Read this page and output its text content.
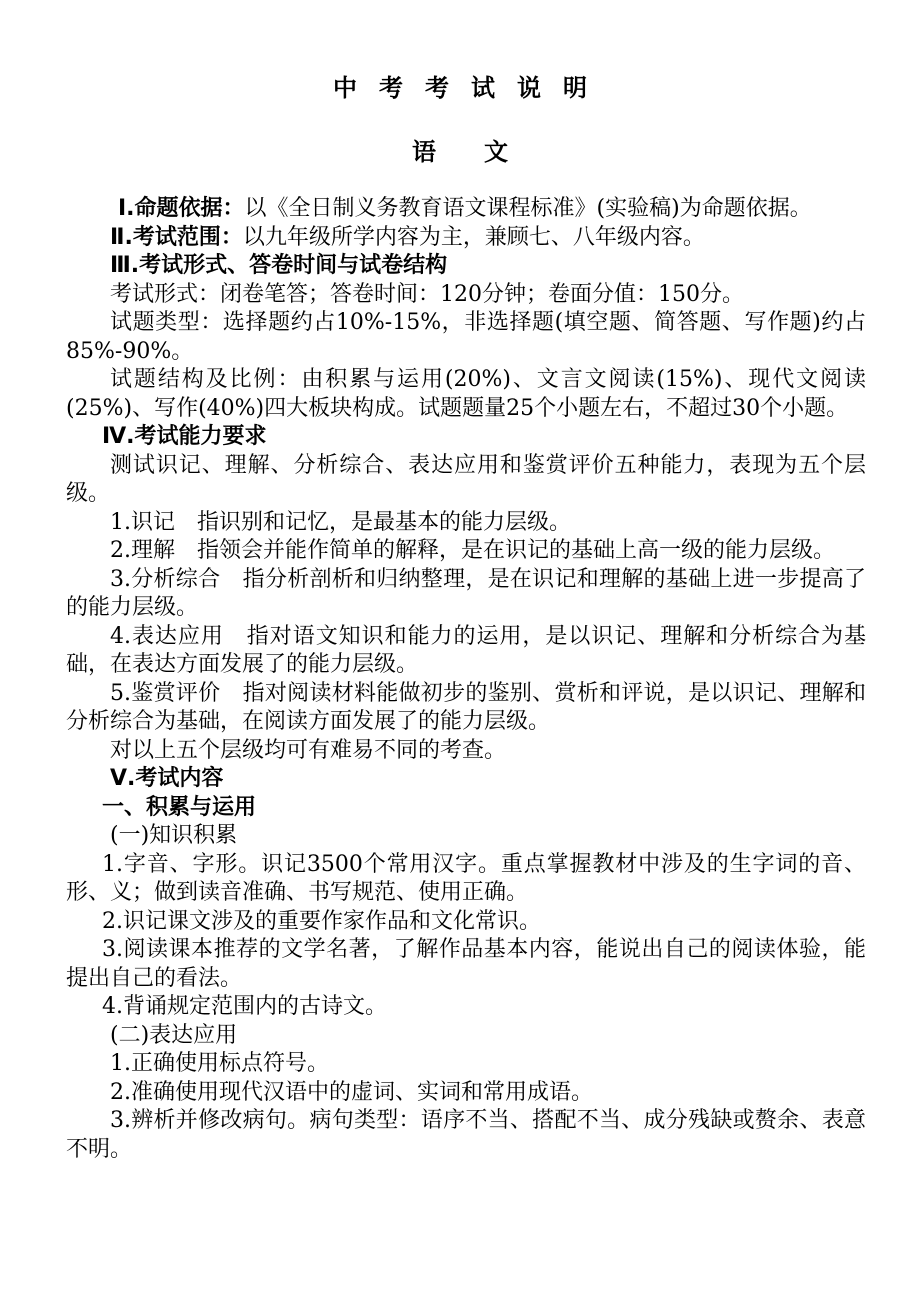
中考考试说明
语文

Ⅰ.命题依据：以《全日制义务教育语文课程标准》(实验稿)为命题依据。

Ⅱ.考试范围：以九年级所学内容为主，兼顾七、八年级内容。

Ⅲ.考试形式、答卷时间与试卷结构

考试形式：闭卷笔答；答卷时间：120分钟；卷面分值：150分。

试题类型：选择题约占10%-15%，非选择题(填空题、简答题、写作题)约占85%-90%。

试题结构及比例：由积累与运用(20%)、文言文阅读(15%)、现代文阅读(25%)、写作(40%)四大板块构成。试题题量25个小题左右，不超过30个小题。

Ⅳ.考试能力要求

测试识记、理解、分析综合、表达应用和鉴赏评价五种能力，表现为五个层级。

1.识记　指识别和记忆，是最基本的能力层级。

2.理解　指领会并能作简单的解释，是在识记的基础上高一级的能力层级。

3.分析综合　指分析剖析和归纳整理，是在识记和理解的基础上进一步提高了的能力层级。

4.表达应用　指对语文知识和能力的运用，是以识记、理解和分析综合为基础，在表达方面发展了的能力层级。

5.鉴赏评价　指对阅读材料能做初步的鉴别、赏析和评说，是以识记、理解和分析综合为基础，在阅读方面发展了的能力层级。

对以上五个层级均可有难易不同的考查。

Ⅴ.考试内容

一、积累与运用

(一)知识积累

1.字音、字形。识记3500个常用汉字。重点掌握教材中涉及的生字词的音、形、义；做到读音准确、书写规范、使用正确。

2.识记课文涉及的重要作家作品和文化常识。

3.阅读课本推荐的文学名著，了解作品基本内容，能说出自己的阅读体验，能提出自己的看法。

4.背诵规定范围内的古诗文。

(二)表达应用

1.正确使用标点符号。

2.准确使用现代汉语中的虚词、实词和常用成语。

3.辨析并修改病句。病句类型：语序不当、搭配不当、成分残缺或赘余、表意不明。
